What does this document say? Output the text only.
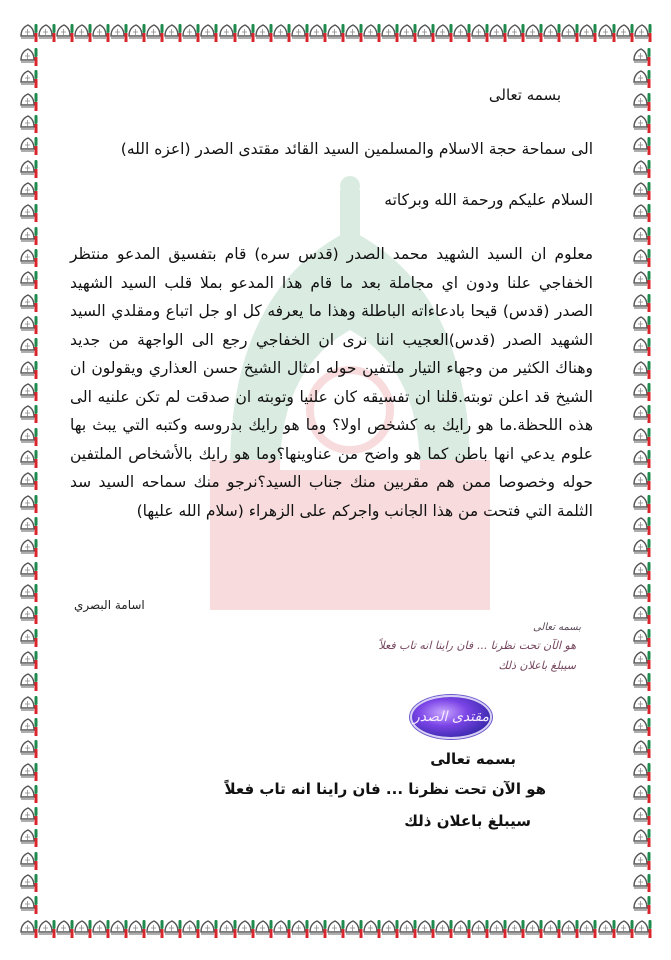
بسمه تعالى
الى سماحة حجة الاسلام والمسلمين السيد القائد مقتدى الصدر (اعزه الله)
السلام عليكم ورحمة الله وبركاته
معلوم ان السيد الشهيد محمد الصدر (قدس سره) قام بتفسيق المدعو منتظر الخفاجي علنا ودون اي مجاملة بعد ما قام هذا المدعو بملا قلب السيد الشهيد الصدر (قدس) قيحا بادعاءاته الباطلة وهذا ما يعرفه كل او جل اتباع ومقلدي السيد الشهيد الصدر (قدس)العجيب اننا نرى ان الخفاجي رجع الى الواجهة من جديد وهناك الكثير من وجهاء التيار ملتفين حوله امثال الشيخ حسن العذاري ويقولون ان الشيخ قد اعلن توبته.قلنا ان تفسيقه كان علنيا وتوبته ان صدقت لم تكن علنيه الى هذه اللحظة.ما هو رايك به كشخص اولا؟ وما هو رايك بدروسه وكتبه التي يبث بها علوم يدعي انها باطن كما هو واضح من عناوينها؟وما هو رايك بالأشخاص الملتفين حوله وخصوصا ممن هم مقربين منك جناب السيد؟نرجو منك سماحه السيد سد الثلمة التي فتحت من هذا الجانب واجركم على الزهراء (سلام الله عليها)
اسامة البصري
بسمه تعالى
هو الآن تحت نظرنا ... فان راينا انه تاب فعلاً
سيبلغ باعلان ذلك
مقتدى الصدر
بسمه تعالى
هو الآن تحت نظرنا ... فان راينا انه تاب فعلاً
سيبلغ باعلان ذلك
